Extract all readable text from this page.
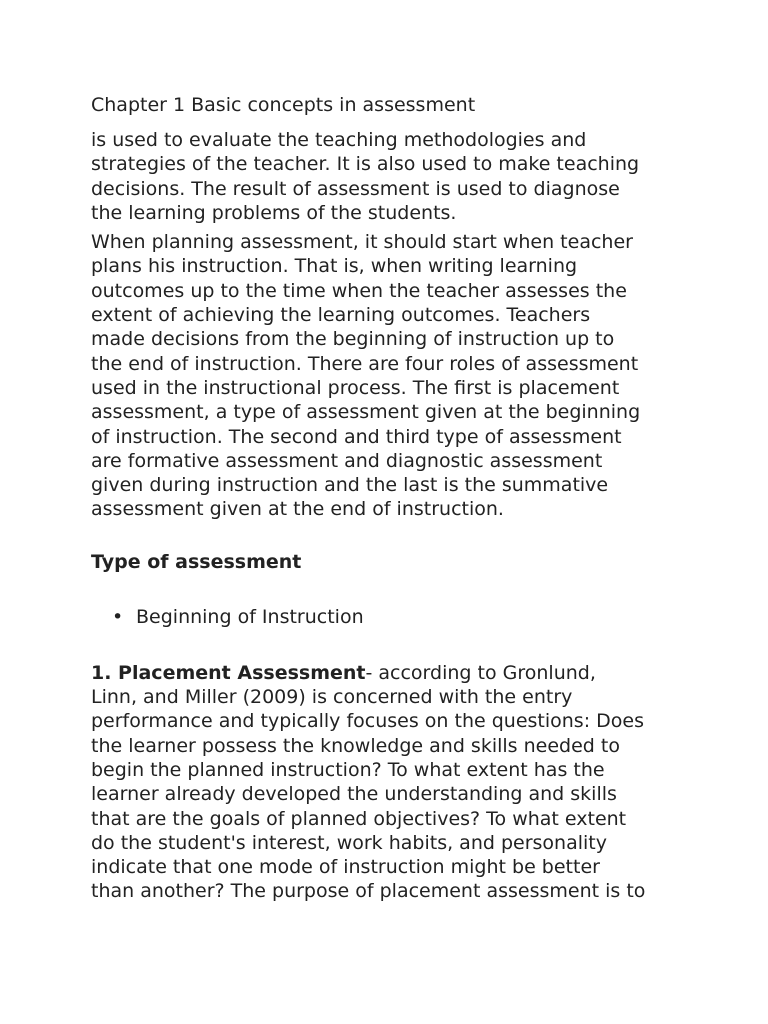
Chapter 1 Basic concepts in assessment

is used to evaluate the teaching methodologies and
strategies of the teacher. It is also used to make teaching
decisions. The result of assessment is used to diagnose
the learning problems of the students.

When planning assessment, it should start when teacher
plans his instruction. That is, when writing learning
outcomes up to the time when the teacher assesses the
extent of achieving the learning outcomes. Teachers
made decisions from the beginning of instruction up to
the end of instruction. There are four roles of assessment
used in the instructional process. The first is placement
assessment, a type of assessment given at the beginning
of instruction. The second and third type of assessment
are formative assessment and diagnostic assessment
given during instruction and the last is the summative
assessment given at the end of instruction.

Type of assessment
• Beginning of Instruction

1. Placement Assessment- according to Gronlund,
Linn, and Miller (2009) is concerned with the entry
performance and typically focuses on the questions: Does
the learner possess the knowledge and skills needed to
begin the planned instruction? To what extent has the
learner already developed the understanding and skills
that are the goals of planned objectives? To what extent
do the student's interest, work habits, and personality
indicate that one mode of instruction might be better
than another? The purpose of placement assessment is to
